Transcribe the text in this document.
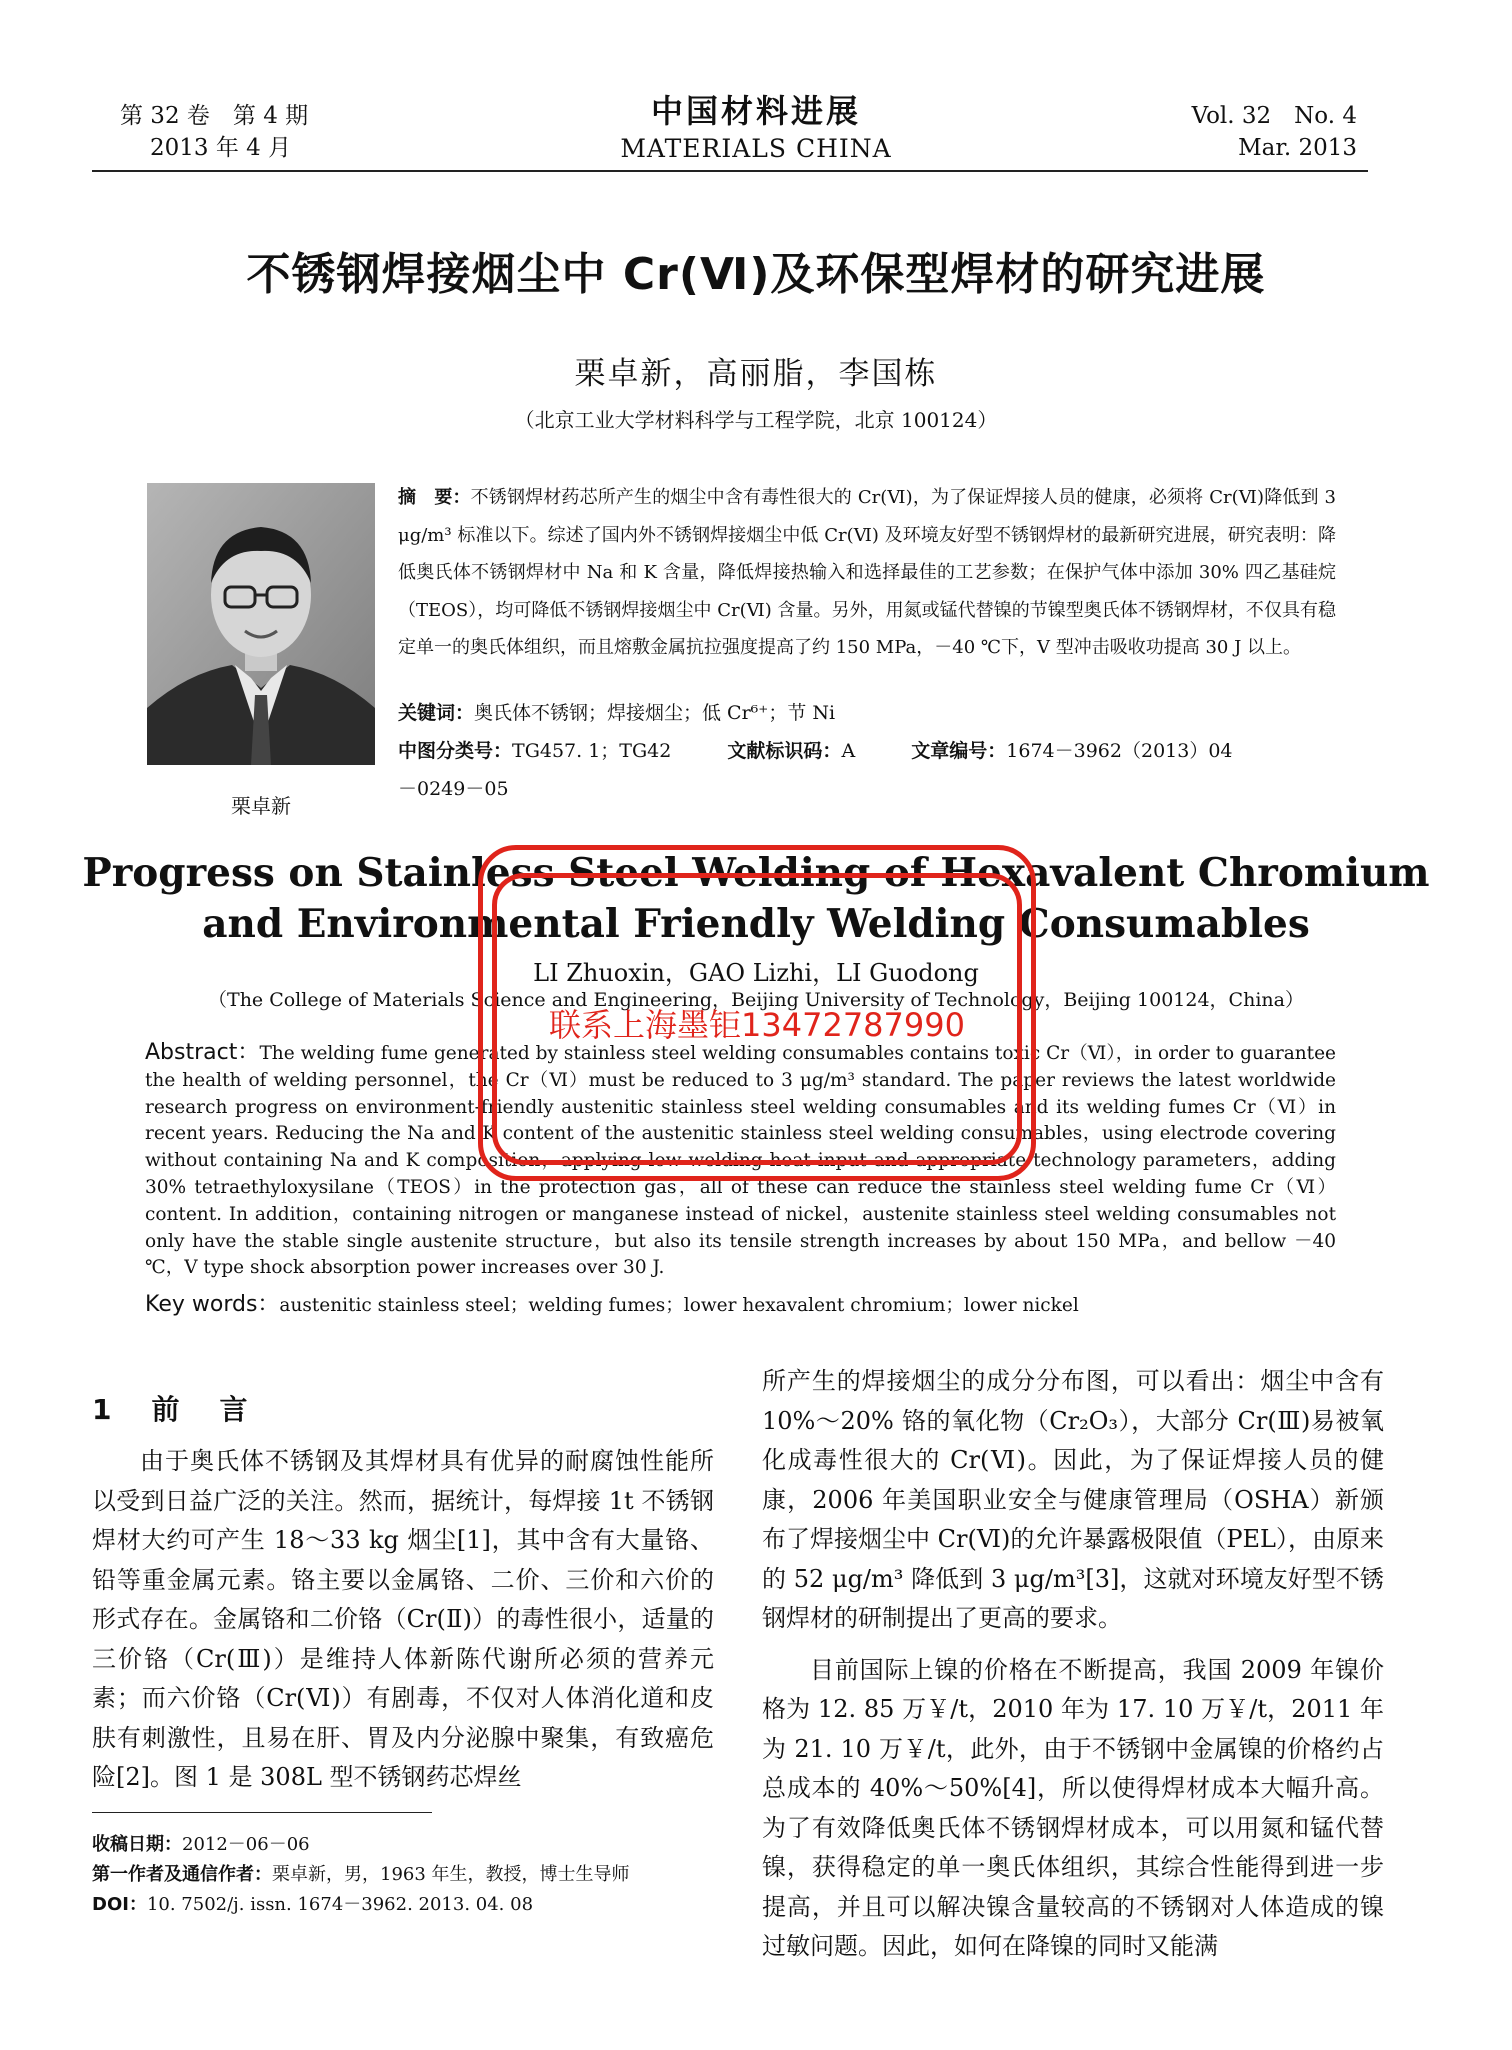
第 32 卷　第 4 期
2013 年 4 月
中国材料进展
MATERIALS CHINA
Vol. 32　No. 4
Mar. 2013
不锈钢焊接烟尘中 Cr(Ⅵ)及环保型焊材的研究进展
栗卓新，高丽脂，李国栋
（北京工业大学材料科学与工程学院，北京 100124）
栗卓新
摘　要：不锈钢焊材药芯所产生的烟尘中含有毒性很大的 Cr(Ⅵ)，为了保证焊接人员的健康，必须将 Cr(Ⅵ)降低到 3 μg/m³ 标准以下。综述了国内外不锈钢焊接烟尘中低 Cr(Ⅵ) 及环境友好型不锈钢焊材的最新研究进展，研究表明：降低奥氏体不锈钢焊材中 Na 和 K 含量，降低焊接热输入和选择最佳的工艺参数；在保护气体中添加 30% 四乙基硅烷（TEOS），均可降低不锈钢焊接烟尘中 Cr(Ⅵ) 含量。另外，用氮或锰代替镍的节镍型奥氏体不锈钢焊材，不仅具有稳定单一的奥氏体组织，而且熔敷金属抗拉强度提高了约 150 MPa，－40 ℃下，V 型冲击吸收功提高 30 J 以上。
关键词：奥氏体不锈钢；焊接烟尘；低 Cr⁶⁺；节 Ni
中图分类号：TG457. 1；TG42	文献标识码：A	文章编号：1674－3962（2013）04
－0249－05
Progress on Stainless Steel Welding of Hexavalent Chromium
and Environmental Friendly Welding Consumables
LI Zhuoxin，GAO Lizhi，LI Guodong
（The College of Materials Science and Engineering，Beijing University of Technology，Beijing 100124，China）
Abstract：The welding fume generated by stainless steel welding consumables contains toxic Cr（Ⅵ），in order to guarantee the health of welding personnel，the Cr（Ⅵ）must be reduced to 3 μg/m³ standard. The paper reviews the latest worldwide research progress on environment-friendly austenitic stainless steel welding consumables and its welding fumes Cr（Ⅵ）in recent years. Reducing the Na and K content of the austenitic stainless steel welding consumables，using electrode covering without containing Na and K composition，applying low welding heat input and appropriate technology parameters，adding 30% tetraethyloxysilane（TEOS）in the protection gas，all of these can reduce the stainless steel welding fume Cr（Ⅵ）content. In addition，containing nitrogen or manganese instead of nickel，austenite stainless steel welding consumables not only have the stable single austenite structure，but also its tensile strength increases by about 150 MPa，and bellow －40 ℃，V type shock absorption power increases over 30 J.
Key words：austenitic stainless steel；welding fumes；lower hexavalent chromium；lower nickel
联系上海墨钜13472787990
1　前　言
由于奥氏体不锈钢及其焊材具有优异的耐腐蚀性能所以受到日益广泛的关注。然而，据统计，每焊接 1t 不锈钢焊材大约可产生 18～33 kg 烟尘[1]，其中含有大量铬、铅等重金属元素。铬主要以金属铬、二价、三价和六价的形式存在。金属铬和二价铬（Cr(Ⅱ)）的毒性很小，适量的三价铬（Cr(Ⅲ)）是维持人体新陈代谢所必须的营养元素；而六价铬（Cr(Ⅵ)）有剧毒，不仅对人体消化道和皮肤有刺激性，且易在肝、胃及内分泌腺中聚集，有致癌危险[2]。图 1 是 308L 型不锈钢药芯焊丝

所产生的焊接烟尘的成分分布图，可以看出：烟尘中含有 10%～20% 铬的氧化物（Cr₂O₃），大部分 Cr(Ⅲ)易被氧化成毒性很大的 Cr(Ⅵ)。因此，为了保证焊接人员的健康，2006 年美国职业安全与健康管理局（OSHA）新颁布了焊接烟尘中 Cr(Ⅵ)的允许暴露极限值（PEL），由原来的 52 μg/m³ 降低到 3 μg/m³[3]，这就对环境友好型不锈钢焊材的研制提出了更高的要求。

目前国际上镍的价格在不断提高，我国 2009 年镍价格为 12. 85 万￥/t，2010 年为 17. 10 万￥/t，2011 年为 21. 10 万￥/t，此外，由于不锈钢中金属镍的价格约占总成本的 40%～50%[4]，所以使得焊材成本大幅升高。为了有效降低奥氏体不锈钢焊材成本，可以用氮和锰代替镍，获得稳定的单一奥氏体组织，其综合性能得到进一步提高，并且可以解决镍含量较高的不锈钢对人体造成的镍过敏问题。因此，如何在降镍的同时又能满

收稿日期：2012－06－06
第一作者及通信作者：栗卓新，男，1963 年生，教授，博士生导师
DOI：10. 7502/j. issn. 1674－3962. 2013. 04. 08
